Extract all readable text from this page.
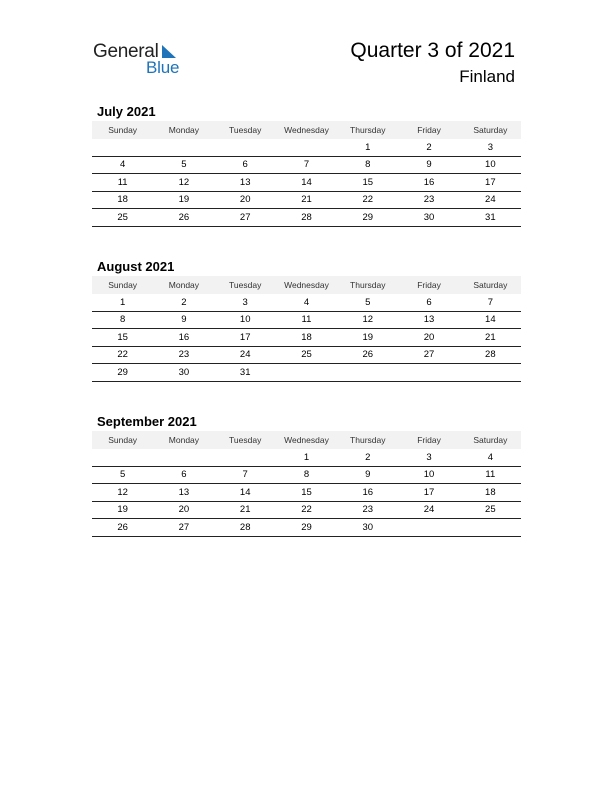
General
Blue
Quarter 3 of 2021
Finland
July 2021
Sunday	Monday	Tuesday	Wednesday	Thursday	Friday	Saturday
				1	2	3
4	5	6	7	8	9	10
11	12	13	14	15	16	17
18	19	20	21	22	23	24
25	26	27	28	29	30	31
August 2021
Sunday	Monday	Tuesday	Wednesday	Thursday	Friday	Saturday
1	2	3	4	5	6	7
8	9	10	11	12	13	14
15	16	17	18	19	20	21
22	23	24	25	26	27	28
29	30	31				
September 2021
Sunday	Monday	Tuesday	Wednesday	Thursday	Friday	Saturday
			1	2	3	4
5	6	7	8	9	10	11
12	13	14	15	16	17	18
19	20	21	22	23	24	25
26	27	28	29	30		
